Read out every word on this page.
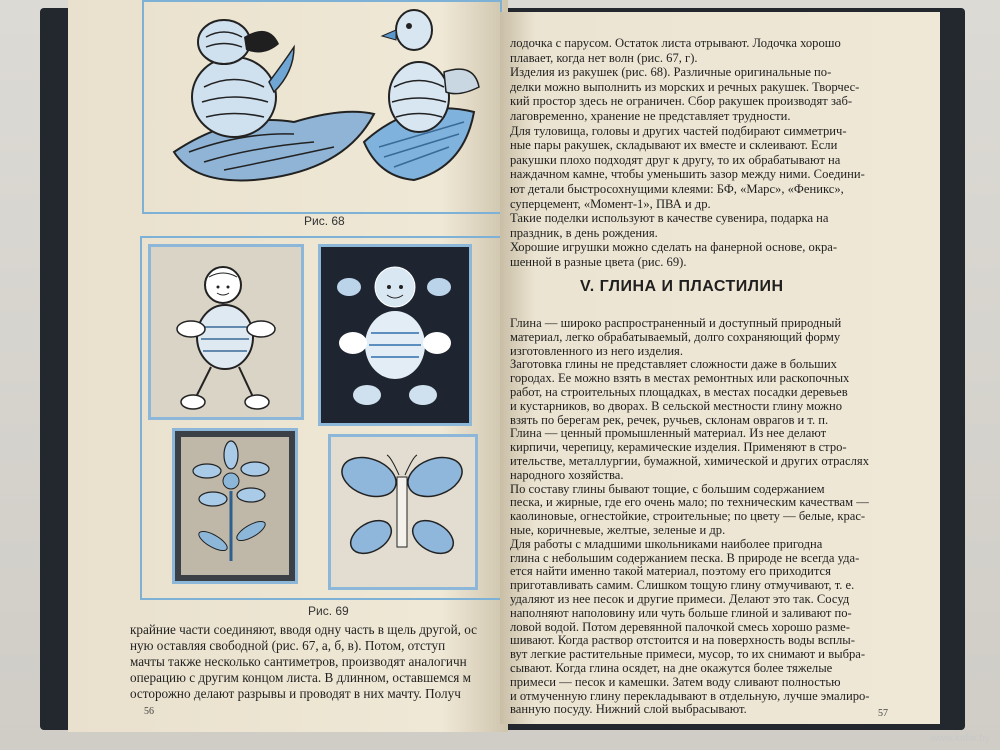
Рис. 68
Рис. 69
крайние части соединяют, вводя одну часть в щель другой, ос
ную оставляя свободной (рис. 67, а, б, в). Потом, отступ
мачты также несколько сантиметров, производят аналогичн
операцию с другим концом листа. В длинном, оставшемся м
осторожно делают разрывы и проводят в них мачту. Получ
56
лодочка с парусом. Остаток листа отрывают. Лодочка хорошо
плавает, когда нет волн (рис. 67, г).
Изделия из ракушек (рис. 68). Различные оригинальные по-
делки можно выполнить из морских и речных ракушек. Творчес-
кий простор здесь не ограничен. Сбор ракушек производят заб-
лаговременно, хранение не представляет трудности.
Для туловища, головы и других частей подбирают симметрич-
ные пары ракушек, складывают их вместе и склеивают. Если
ракушки плохо подходят друг к другу, то их обрабатывают на
наждачном камне, чтобы уменьшить зазор между ними. Соедини-
ют детали быстросохнущими клеями: БФ, «Марс», «Феникс»,
суперцемент, «Момент-1», ПВА и др.
Такие поделки используют в качестве сувенира, подарка на
праздник, в день рождения.
Хорошие игрушки можно сделать на фанерной основе, окра-
шенной в разные цвета (рис. 69).
V. ГЛИНА И ПЛАСТИЛИН
Глина — широко распространенный и доступный природный
материал, легко обрабатываемый, долго сохраняющий форму
изготовленного из него изделия.
Заготовка глины не представляет сложности даже в больших
городах. Ее можно взять в местах ремонтных или раскопочных
работ, на строительных площадках, в местах посадки деревьев
и кустарников, во дворах. В сельской местности глину можно
взять по берегам рек, речек, ручьев, склонам оврагов и т. п.
Глина — ценный промышленный материал. Из нее делают
кирпичи, черепицу, керамические изделия. Применяют в стро-
ительстве, металлургии, бумажной, химической и других отраслях
народного хозяйства.
По составу глины бывают тощие, с большим содержанием
песка, и жирные, где его очень мало; по техническим качествам —
каолиновые, огнестойкие, строительные; по цвету — белые, крас-
ные, коричневые, желтые, зеленые и др.
Для работы с младшими школьниками наиболее пригодна
глина с небольшим содержанием песка. В природе не всегда уда-
ется найти именно такой материал, поэтому его приходится
приготавливать самим. Слишком тощую глину отмучивают, т. е.
удаляют из нее песок и другие примеси. Делают это так. Сосуд
наполняют наполовину или чуть больше глиной и заливают по-
ловой водой. Потом деревянной палочкой смесь хорошо разме-
шивают. Когда раствор отстоится и на поверхность воды всплы-
вут легкие растительные примеси, мусор, то их снимают и выбра-
сывают. Когда глина осядет, на дне окажутся более тяжелые
примеси — песок и камешки. Затем воду сливают полностью
и отмученную глину перекладывают в отдельную, лучше эмалиро-
ванную посуду. Нижний слой выбрасывают.	57
www.kufar.by
